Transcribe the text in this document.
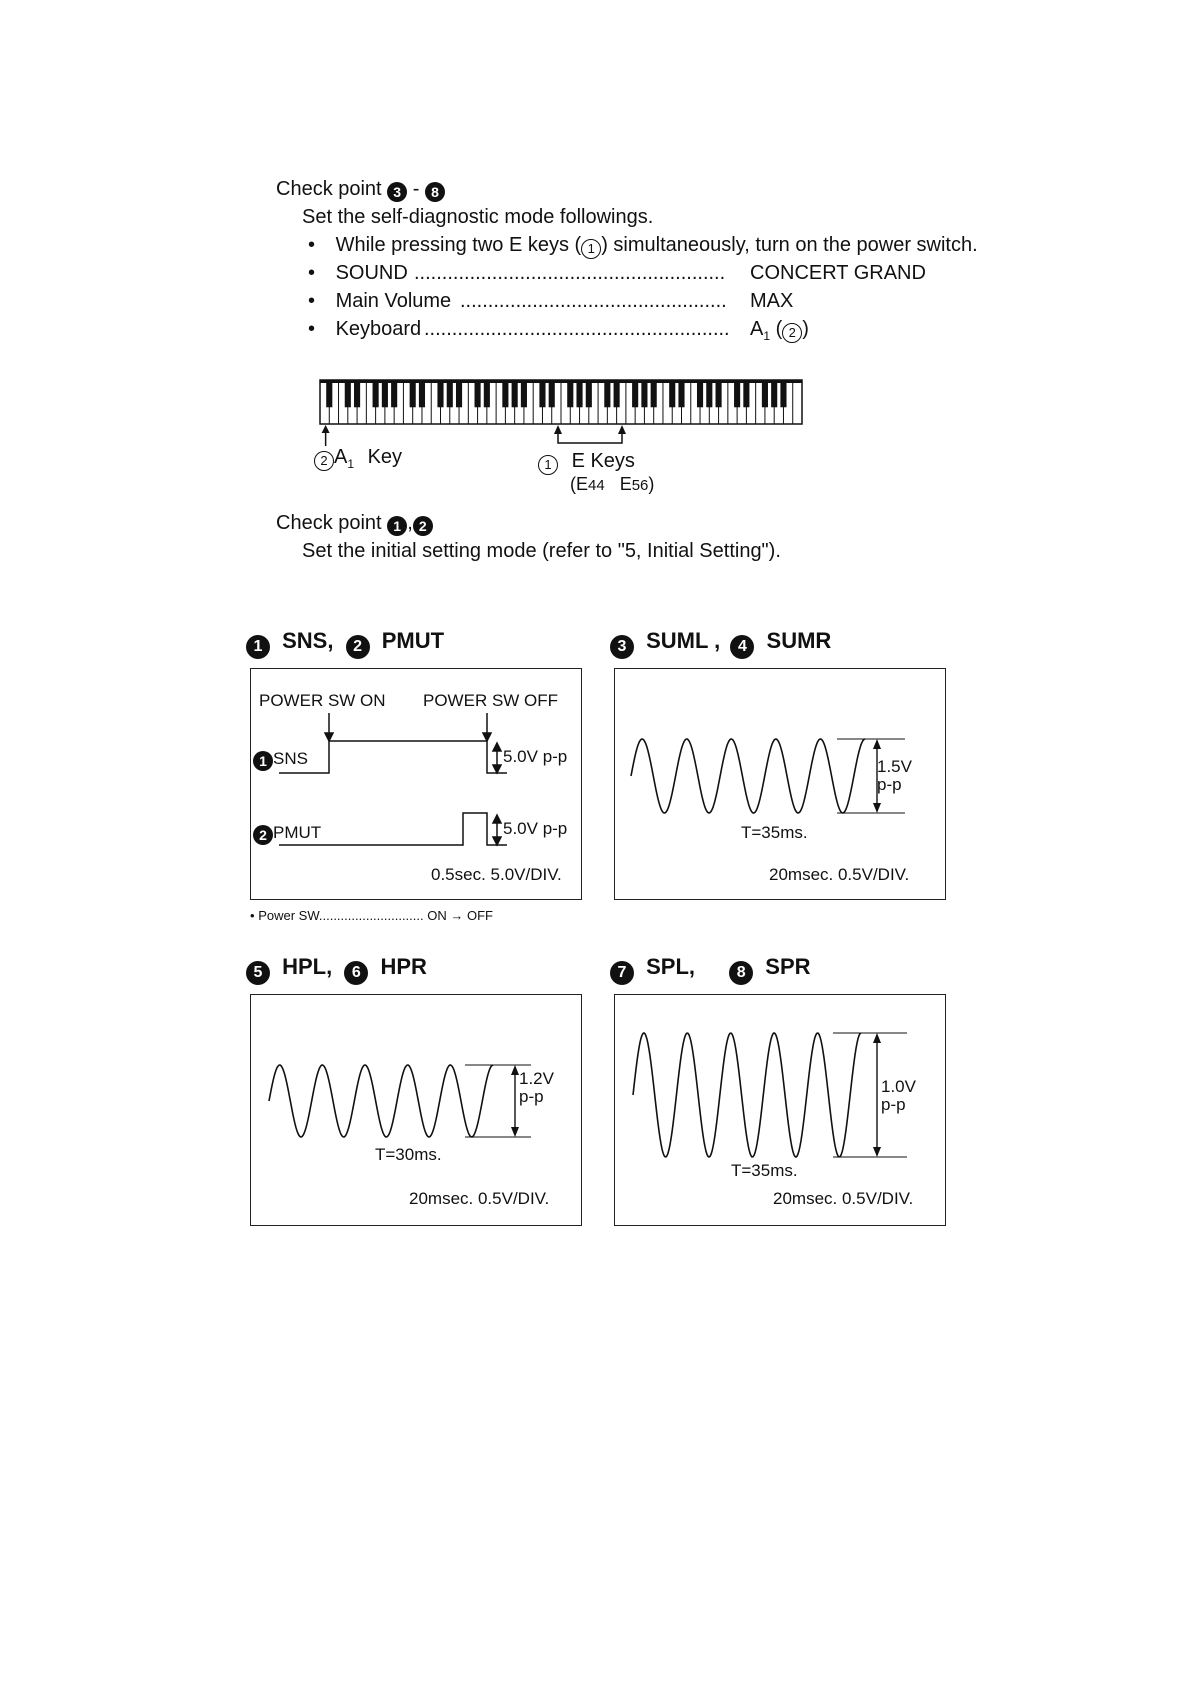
Check point 3 - 8
Set the self-diagnostic mode followings.
• While pressing two E keys ( 1 ) simultaneously, turn on the power switch.
• SOUND ........................................................	CONCERT GRAND
• Main Volume ................................................	MAX
• Keyboard .......................................................	$A_1$ ( 2 )
2 $A_1$ Key	1 E Keys
(E44 E56)
Check point 1 , 2
Set the initial setting mode (refer to "5, Initial Setting").
1 SNS, 2 PMUT	3 SUML , 4 SUMR
5 HPL, 6 HPR	7 SPL,	8 SPR
POWER SW ON POWER SW OFF
1 SNS
2 PMUT
5.0V p-p
5.0V p-p
0.5sec. 5.0V/DIV.
• Power SW............................. ON → OFF
1.5V
p-p
T=35ms.
20msec. 0.5V/DIV.
1.2V
p-p
T=30ms.
20msec. 0.5V/DIV.
1.0V
p-p
T=35ms.
20msec. 0.5V/DIV.
